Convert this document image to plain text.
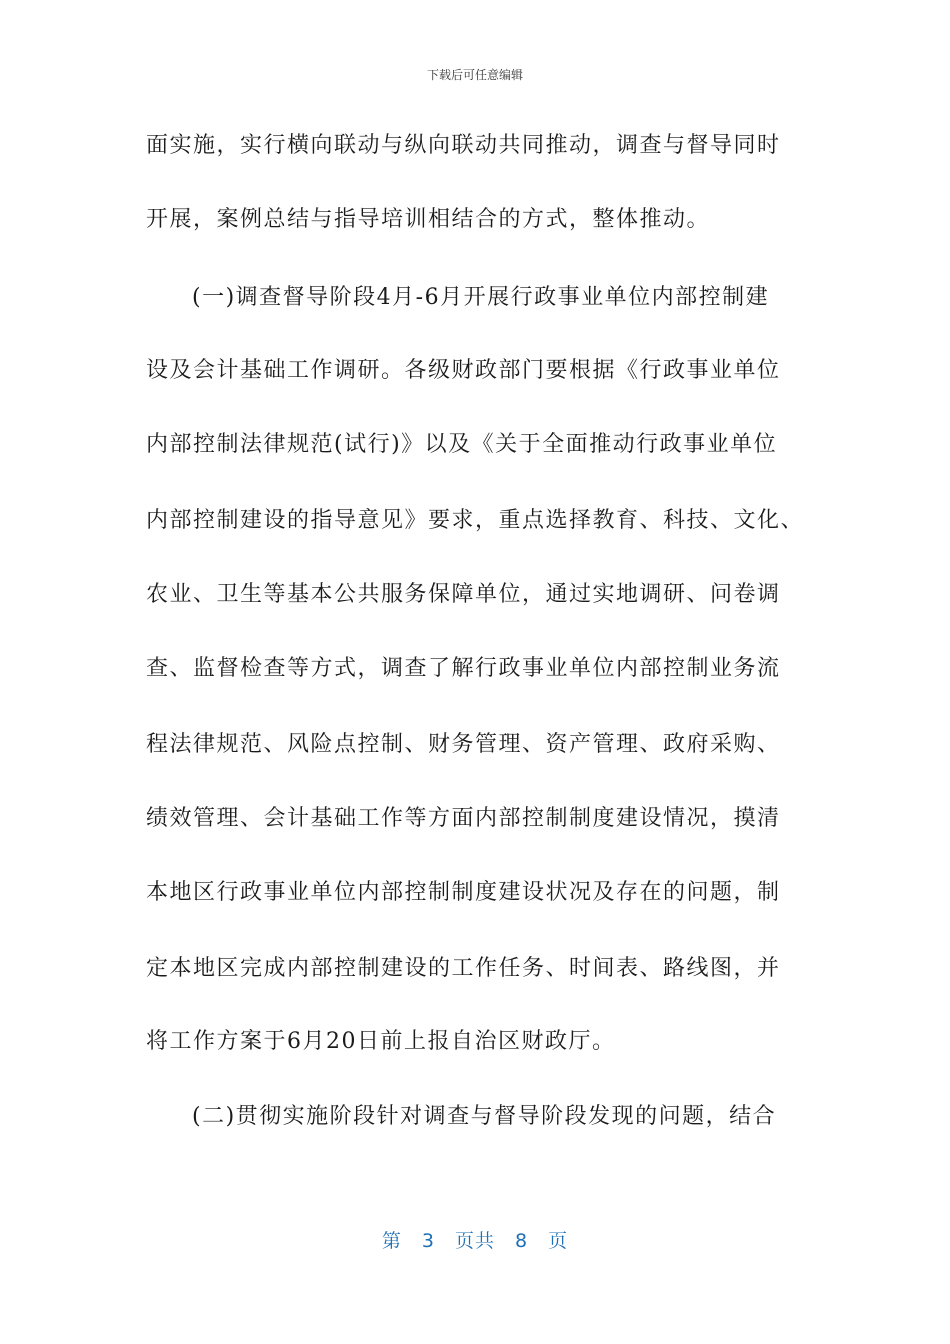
下载后可任意编辑
面实施，实行横向联动与纵向联动共同推动，调查与督导同时
开展，案例总结与指导培训相结合的方式，整体推动。
(一)调查督导阶段4月-6月开展行政事业单位内部控制建
设及会计基础工作调研。各级财政部门要根据《行政事业单位
内部控制法律规范(试行)》以及《关于全面推动行政事业单位
内部控制建设的指导意见》要求，重点选择教育、科技、文化、
农业、卫生等基本公共服务保障单位，通过实地调研、问卷调
查、监督检查等方式，调查了解行政事业单位内部控制业务流
程法律规范、风险点控制、财务管理、资产管理、政府采购、
绩效管理、会计基础工作等方面内部控制制度建设情况，摸清
本地区行政事业单位内部控制制度建设状况及存在的问题，制
定本地区完成内部控制建设的工作任务、时间表、路线图，并
将工作方案于6月20日前上报自治区财政厅。
(二)贯彻实施阶段针对调查与督导阶段发现的问题，结合
第 3 页共 8 页
